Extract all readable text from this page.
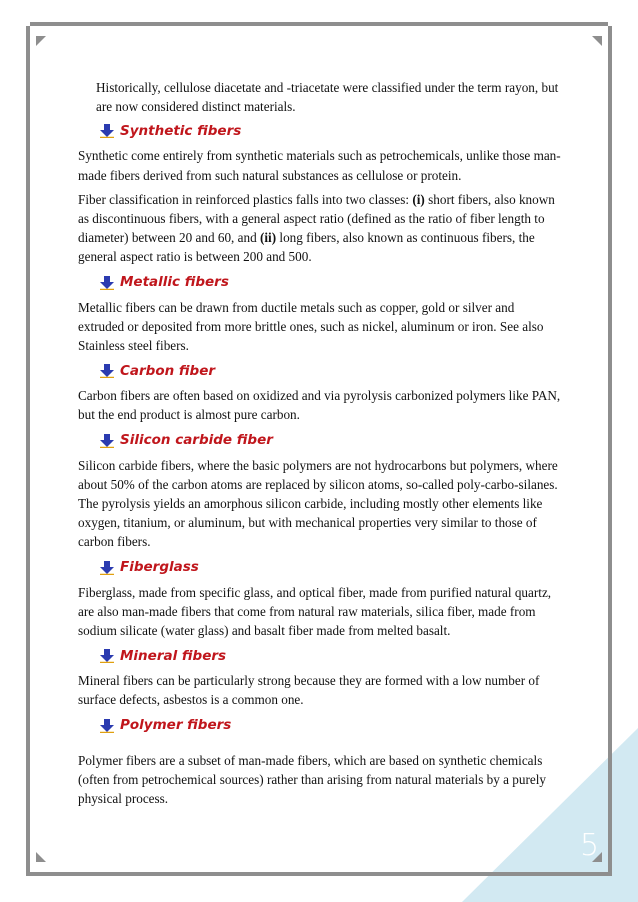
5

Historically, cellulose diacetate and -triacetate were classified under the term rayon, but are now considered distinct materials.

Synthetic fibers

Synthetic come entirely from synthetic materials such as petrochemicals, unlike those man-made fibers derived from such natural substances as cellulose or protein.

Fiber classification in reinforced plastics falls into two classes: (i) short fibers, also known as discontinuous fibers, with a general aspect ratio (defined as the ratio of fiber length to diameter) between 20 and 60, and (ii) long fibers, also known as continuous fibers, the general aspect ratio is between 200 and 500.

Metallic fibers

Metallic fibers can be drawn from ductile metals such as copper, gold or silver and extruded or deposited from more brittle ones, such as nickel, aluminum or iron. See also Stainless steel fibers.

Carbon fiber

Carbon fibers are often based on oxidized and via pyrolysis carbonized polymers like PAN, but the end product is almost pure carbon.

Silicon carbide fiber

Silicon carbide fibers, where the basic polymers are not hydrocarbons but polymers, where about 50% of the carbon atoms are replaced by silicon atoms, so-called poly-carbo-silanes. The pyrolysis yields an amorphous silicon carbide, including mostly other elements like oxygen, titanium, or aluminum, but with mechanical properties very similar to those of carbon fibers.

Fiberglass

Fiberglass, made from specific glass, and optical fiber, made from purified natural quartz, are also man-made fibers that come from natural raw materials, silica fiber, made from sodium silicate (water glass) and basalt fiber made from melted basalt.

Mineral fibers

Mineral fibers can be particularly strong because they are formed with a low number of surface defects, asbestos is a common one.

Polymer fibers

Polymer fibers are a subset of man-made fibers, which are based on synthetic chemicals (often from petrochemical sources) rather than arising from natural materials by a purely physical process.
